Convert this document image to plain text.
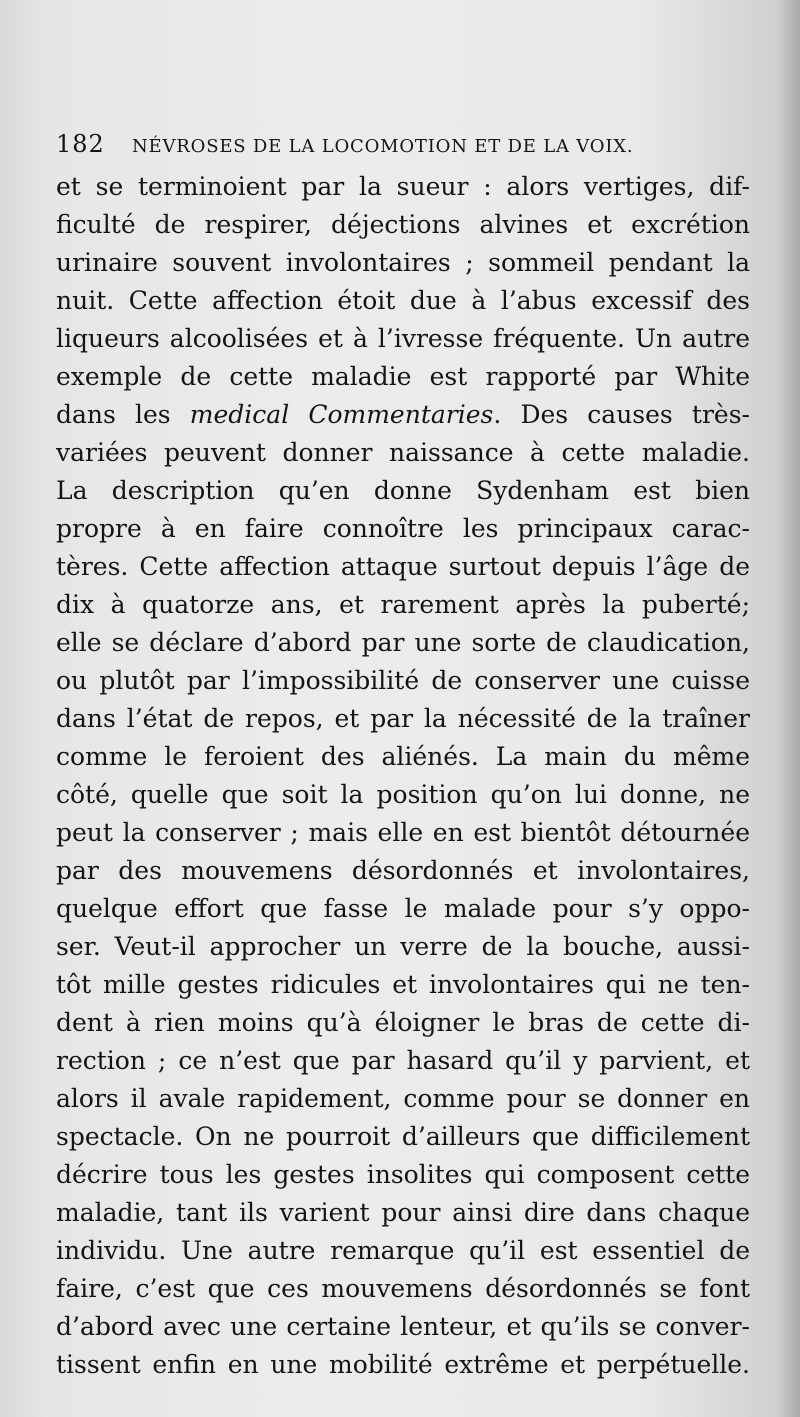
182 NÉVROSES DE LA LOCOMOTION ET DE LA VOIX.
et se terminoient par la sueur : alors vertiges, dif-
ficulté de respirer, déjections alvines et excrétion
urinaire souvent involontaires ; sommeil pendant la
nuit. Cette affection étoit due à l’abus excessif des
liqueurs alcoolisées et à l’ivresse fréquente. Un autre
exemple de cette maladie est rapporté par White
dans les medical Commentaries. Des causes très-
variées peuvent donner naissance à cette maladie.
La description qu’en donne Sydenham est bien
propre à en faire connoître les principaux carac-
tères. Cette affection attaque surtout depuis l’âge de
dix à quatorze ans, et rarement après la puberté;
elle se déclare d’abord par une sorte de claudication,
ou plutôt par l’impossibilité de conserver une cuisse
dans l’état de repos, et par la nécessité de la traîner
comme le feroient des aliénés. La main du même
côté, quelle que soit la position qu’on lui donne, ne
peut la conserver ; mais elle en est bientôt détournée
par des mouvemens désordonnés et involontaires,
quelque effort que fasse le malade pour s’y oppo-
ser. Veut-il approcher un verre de la bouche, aussi-
tôt mille gestes ridicules et involontaires qui ne ten-
dent à rien moins qu’à éloigner le bras de cette di-
rection ; ce n’est que par hasard qu’il y parvient, et
alors il avale rapidement, comme pour se donner en
spectacle. On ne pourroit d’ailleurs que difficilement
décrire tous les gestes insolites qui composent cette
maladie, tant ils varient pour ainsi dire dans chaque
individu. Une autre remarque qu’il est essentiel de
faire, c’est que ces mouvemens désordonnés se font
d’abord avec une certaine lenteur, et qu’ils se conver-
tissent enfin en une mobilité extrême et perpétuelle.
